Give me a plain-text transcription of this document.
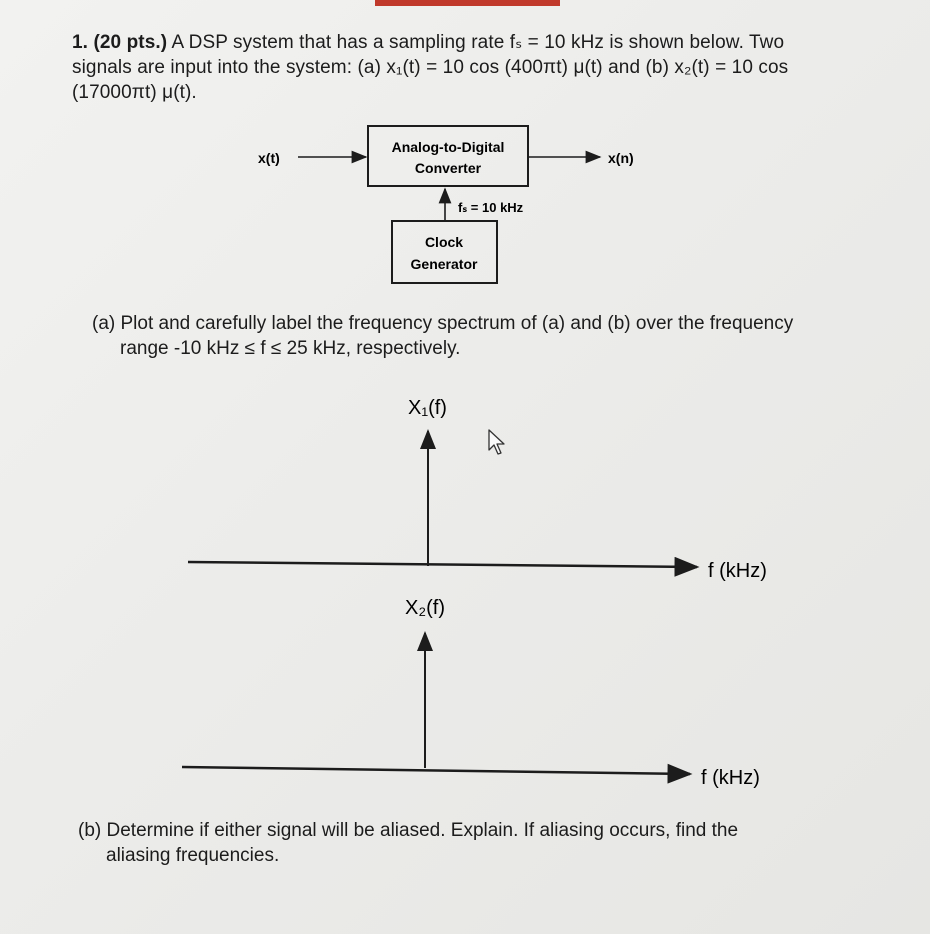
1. (20 pts.) A DSP system that has a sampling rate fₛ = 10 kHz is shown below. Two
signals are input into the system: (a) x₁(t) = 10 cos (400πt) μ(t) and (b) x₂(t) = 10 cos
(17000πt) μ(t).
x(t)
Analog-to-Digital
Converter
x(n)
fₛ = 10 kHz
Clock
Generator
(a) Plot and carefully label the frequency spectrum of (a) and (b) over the frequency
range -10 kHz ≤ f ≤ 25 kHz, respectively.
X₁(f)
f (kHz)
X₂(f)
f (kHz)
(b) Determine if either signal will be aliased. Explain. If aliasing occurs, find the
aliasing frequencies.
